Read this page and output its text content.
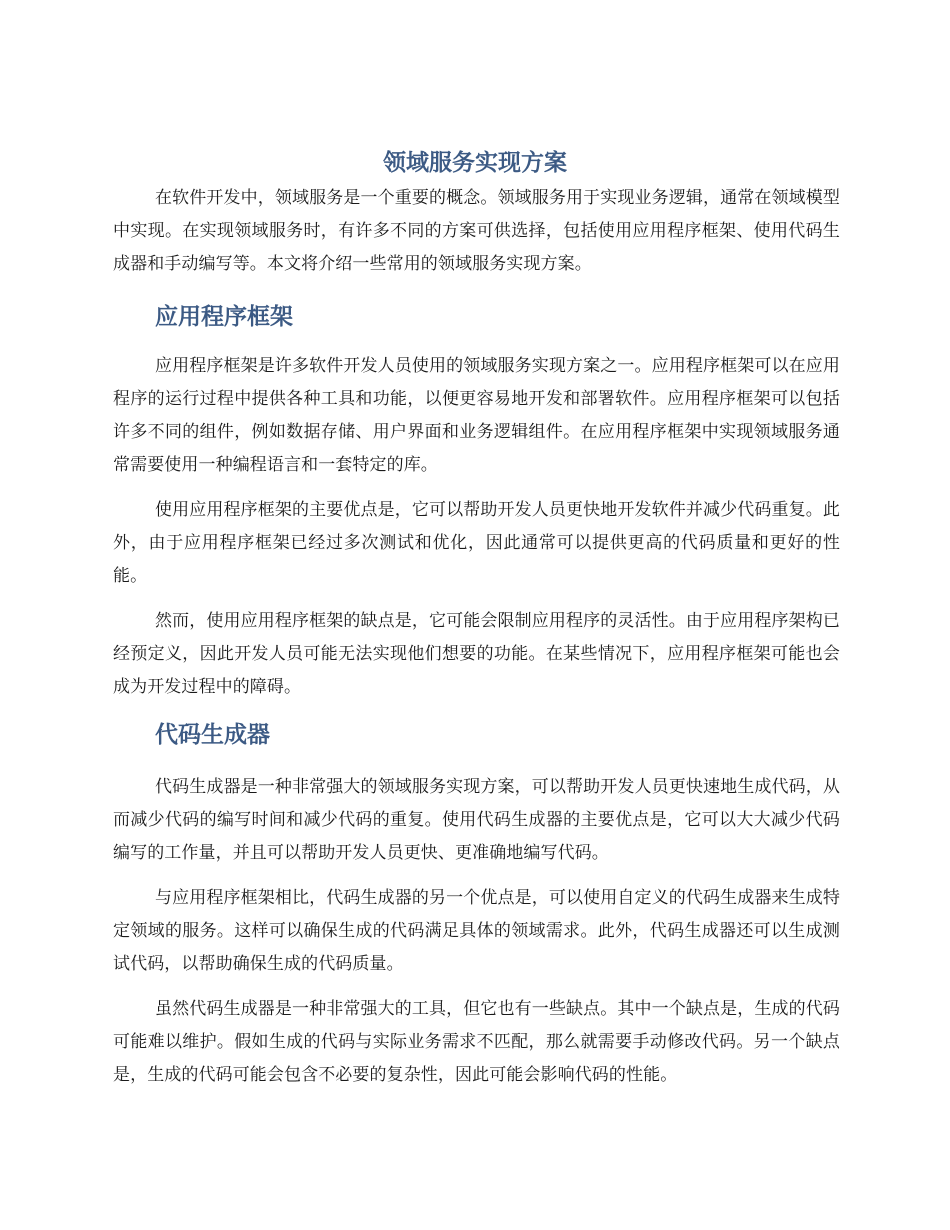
领域服务实现方案

在软件开发中，领域服务是一个重要的概念。领域服务用于实现业务逻辑，通常在领域模型中实现。在实现领域服务时，有许多不同的方案可供选择，包括使用应用程序框架、使用代码生成器和手动编写等。本文将介绍一些常用的领域服务实现方案。

应用程序框架

应用程序框架是许多软件开发人员使用的领域服务实现方案之一。应用程序框架可以在应用程序的运行过程中提供各种工具和功能，以便更容易地开发和部署软件。应用程序框架可以包括许多不同的组件，例如数据存储、用户界面和业务逻辑组件。在应用程序框架中实现领域服务通常需要使用一种编程语言和一套特定的库。

使用应用程序框架的主要优点是，它可以帮助开发人员更快地开发软件并减少代码重复。此外，由于应用程序框架已经过多次测试和优化，因此通常可以提供更高的代码质量和更好的性能。

然而，使用应用程序框架的缺点是，它可能会限制应用程序的灵活性。由于应用程序架构已经预定义，因此开发人员可能无法实现他们想要的功能。在某些情况下，应用程序框架可能也会成为开发过程中的障碍。

代码生成器

代码生成器是一种非常强大的领域服务实现方案，可以帮助开发人员更快速地生成代码，从而减少代码的编写时间和减少代码的重复。使用代码生成器的主要优点是，它可以大大减少代码编写的工作量，并且可以帮助开发人员更快、更准确地编写代码。

与应用程序框架相比，代码生成器的另一个优点是，可以使用自定义的代码生成器来生成特定领域的服务。这样可以确保生成的代码满足具体的领域需求。此外，代码生成器还可以生成测试代码，以帮助确保生成的代码质量。

虽然代码生成器是一种非常强大的工具，但它也有一些缺点。其中一个缺点是，生成的代码可能难以维护。假如生成的代码与实际业务需求不匹配，那么就需要手动修改代码。另一个缺点是，生成的代码可能会包含不必要的复杂性，因此可能会影响代码的性能。
